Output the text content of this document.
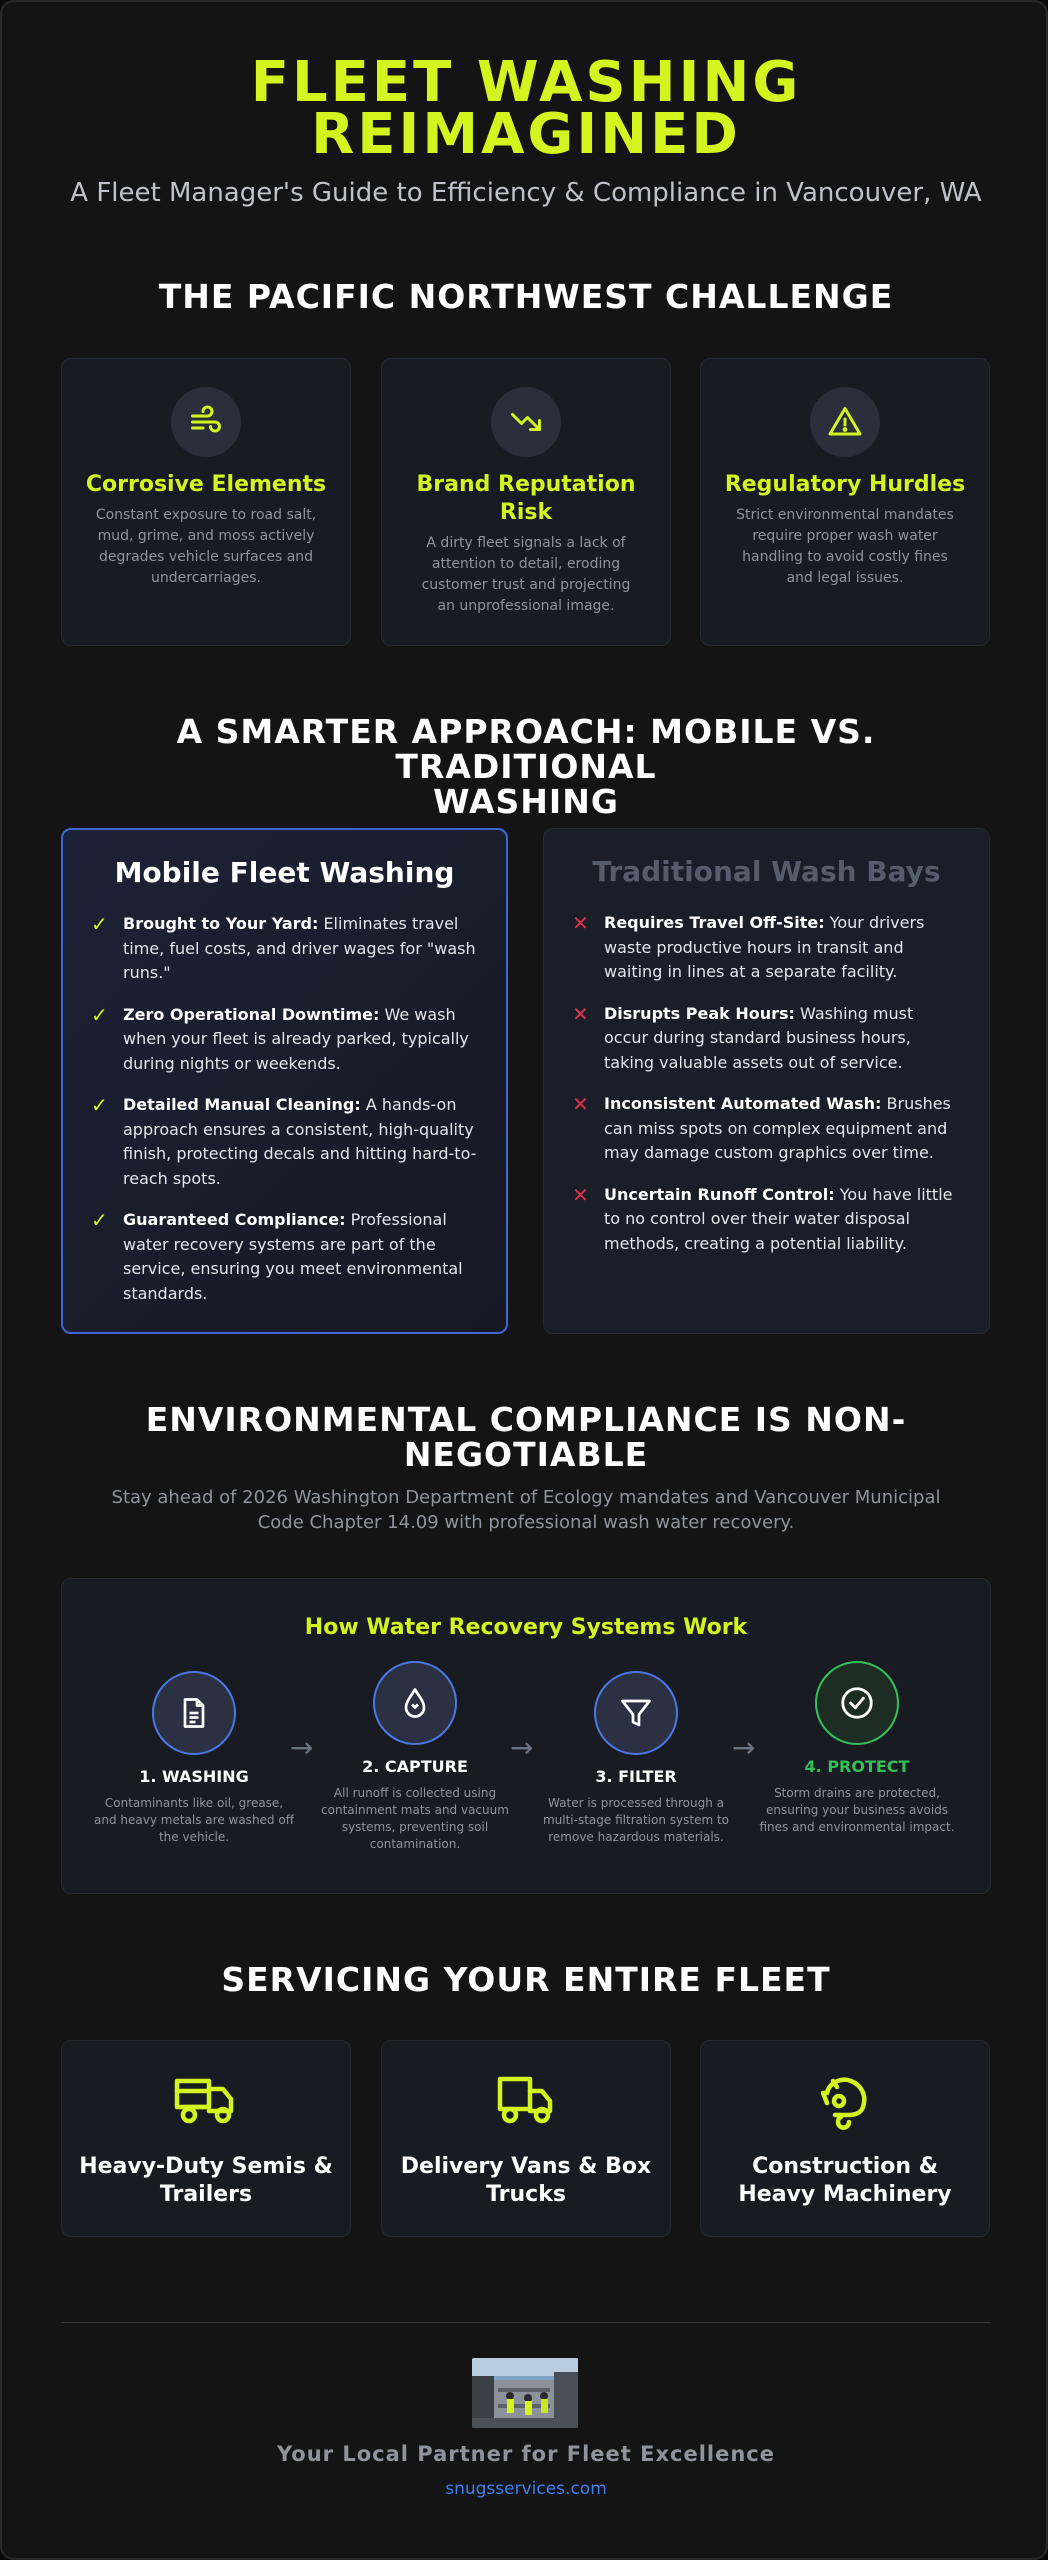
FLEET WASHING
REIMAGINED
A Fleet Manager's Guide to Efficiency & Compliance in Vancouver, WA
THE PACIFIC NORTHWEST CHALLENGE
Corrosive Elements
Constant exposure to road salt, mud, grime, and moss actively degrades vehicle surfaces and undercarriages.
Brand Reputation Risk
A dirty fleet signals a lack of attention to detail, eroding customer trust and projecting an unprofessional image.
Regulatory Hurdles
Strict environmental mandates require proper wash water handling to avoid costly fines and legal issues.
A SMARTER APPROACH: MOBILE VS. TRADITIONAL
WASHING
Mobile Fleet Washing
✓ Brought to Your Yard: Eliminates travel time, fuel costs, and driver wages for "wash runs."
✓ Zero Operational Downtime: We wash when your fleet is already parked, typically during nights or weekends.
✓ Detailed Manual Cleaning: A hands-on approach ensures a consistent, high-quality finish, protecting decals and hitting hard-to-reach spots.
✓ Guaranteed Compliance: Professional water recovery systems are part of the service, ensuring you meet environmental standards.
Traditional Wash Bays
✕ Requires Travel Off-Site: Your drivers waste productive hours in transit and waiting in lines at a separate facility.
✕ Disrupts Peak Hours: Washing must occur during standard business hours, taking valuable assets out of service.
✕ Inconsistent Automated Wash: Brushes can miss spots on complex equipment and may damage custom graphics over time.
✕ Uncertain Runoff Control: You have little to no control over their water disposal methods, creating a potential liability.
ENVIRONMENTAL COMPLIANCE IS NON-
NEGOTIABLE
Stay ahead of 2026 Washington Department of Ecology mandates and Vancouver Municipal Code Chapter 14.09 with professional wash water recovery.
How Water Recovery Systems Work
1. WASHING
Contaminants like oil, grease, and heavy metals are washed off the vehicle.
→
2. CAPTURE
All runoff is collected using containment mats and vacuum systems, preventing soil contamination.
→
3. FILTER
Water is processed through a multi-stage filtration system to remove hazardous materials.
→
4. PROTECT
Storm drains are protected, ensuring your business avoids fines and environmental impact.
SERVICING YOUR ENTIRE FLEET
Heavy-Duty Semis & Trailers
Delivery Vans & Box Trucks
Construction & Heavy Machinery
Your Local Partner for Fleet Excellence
snugsservices.com
